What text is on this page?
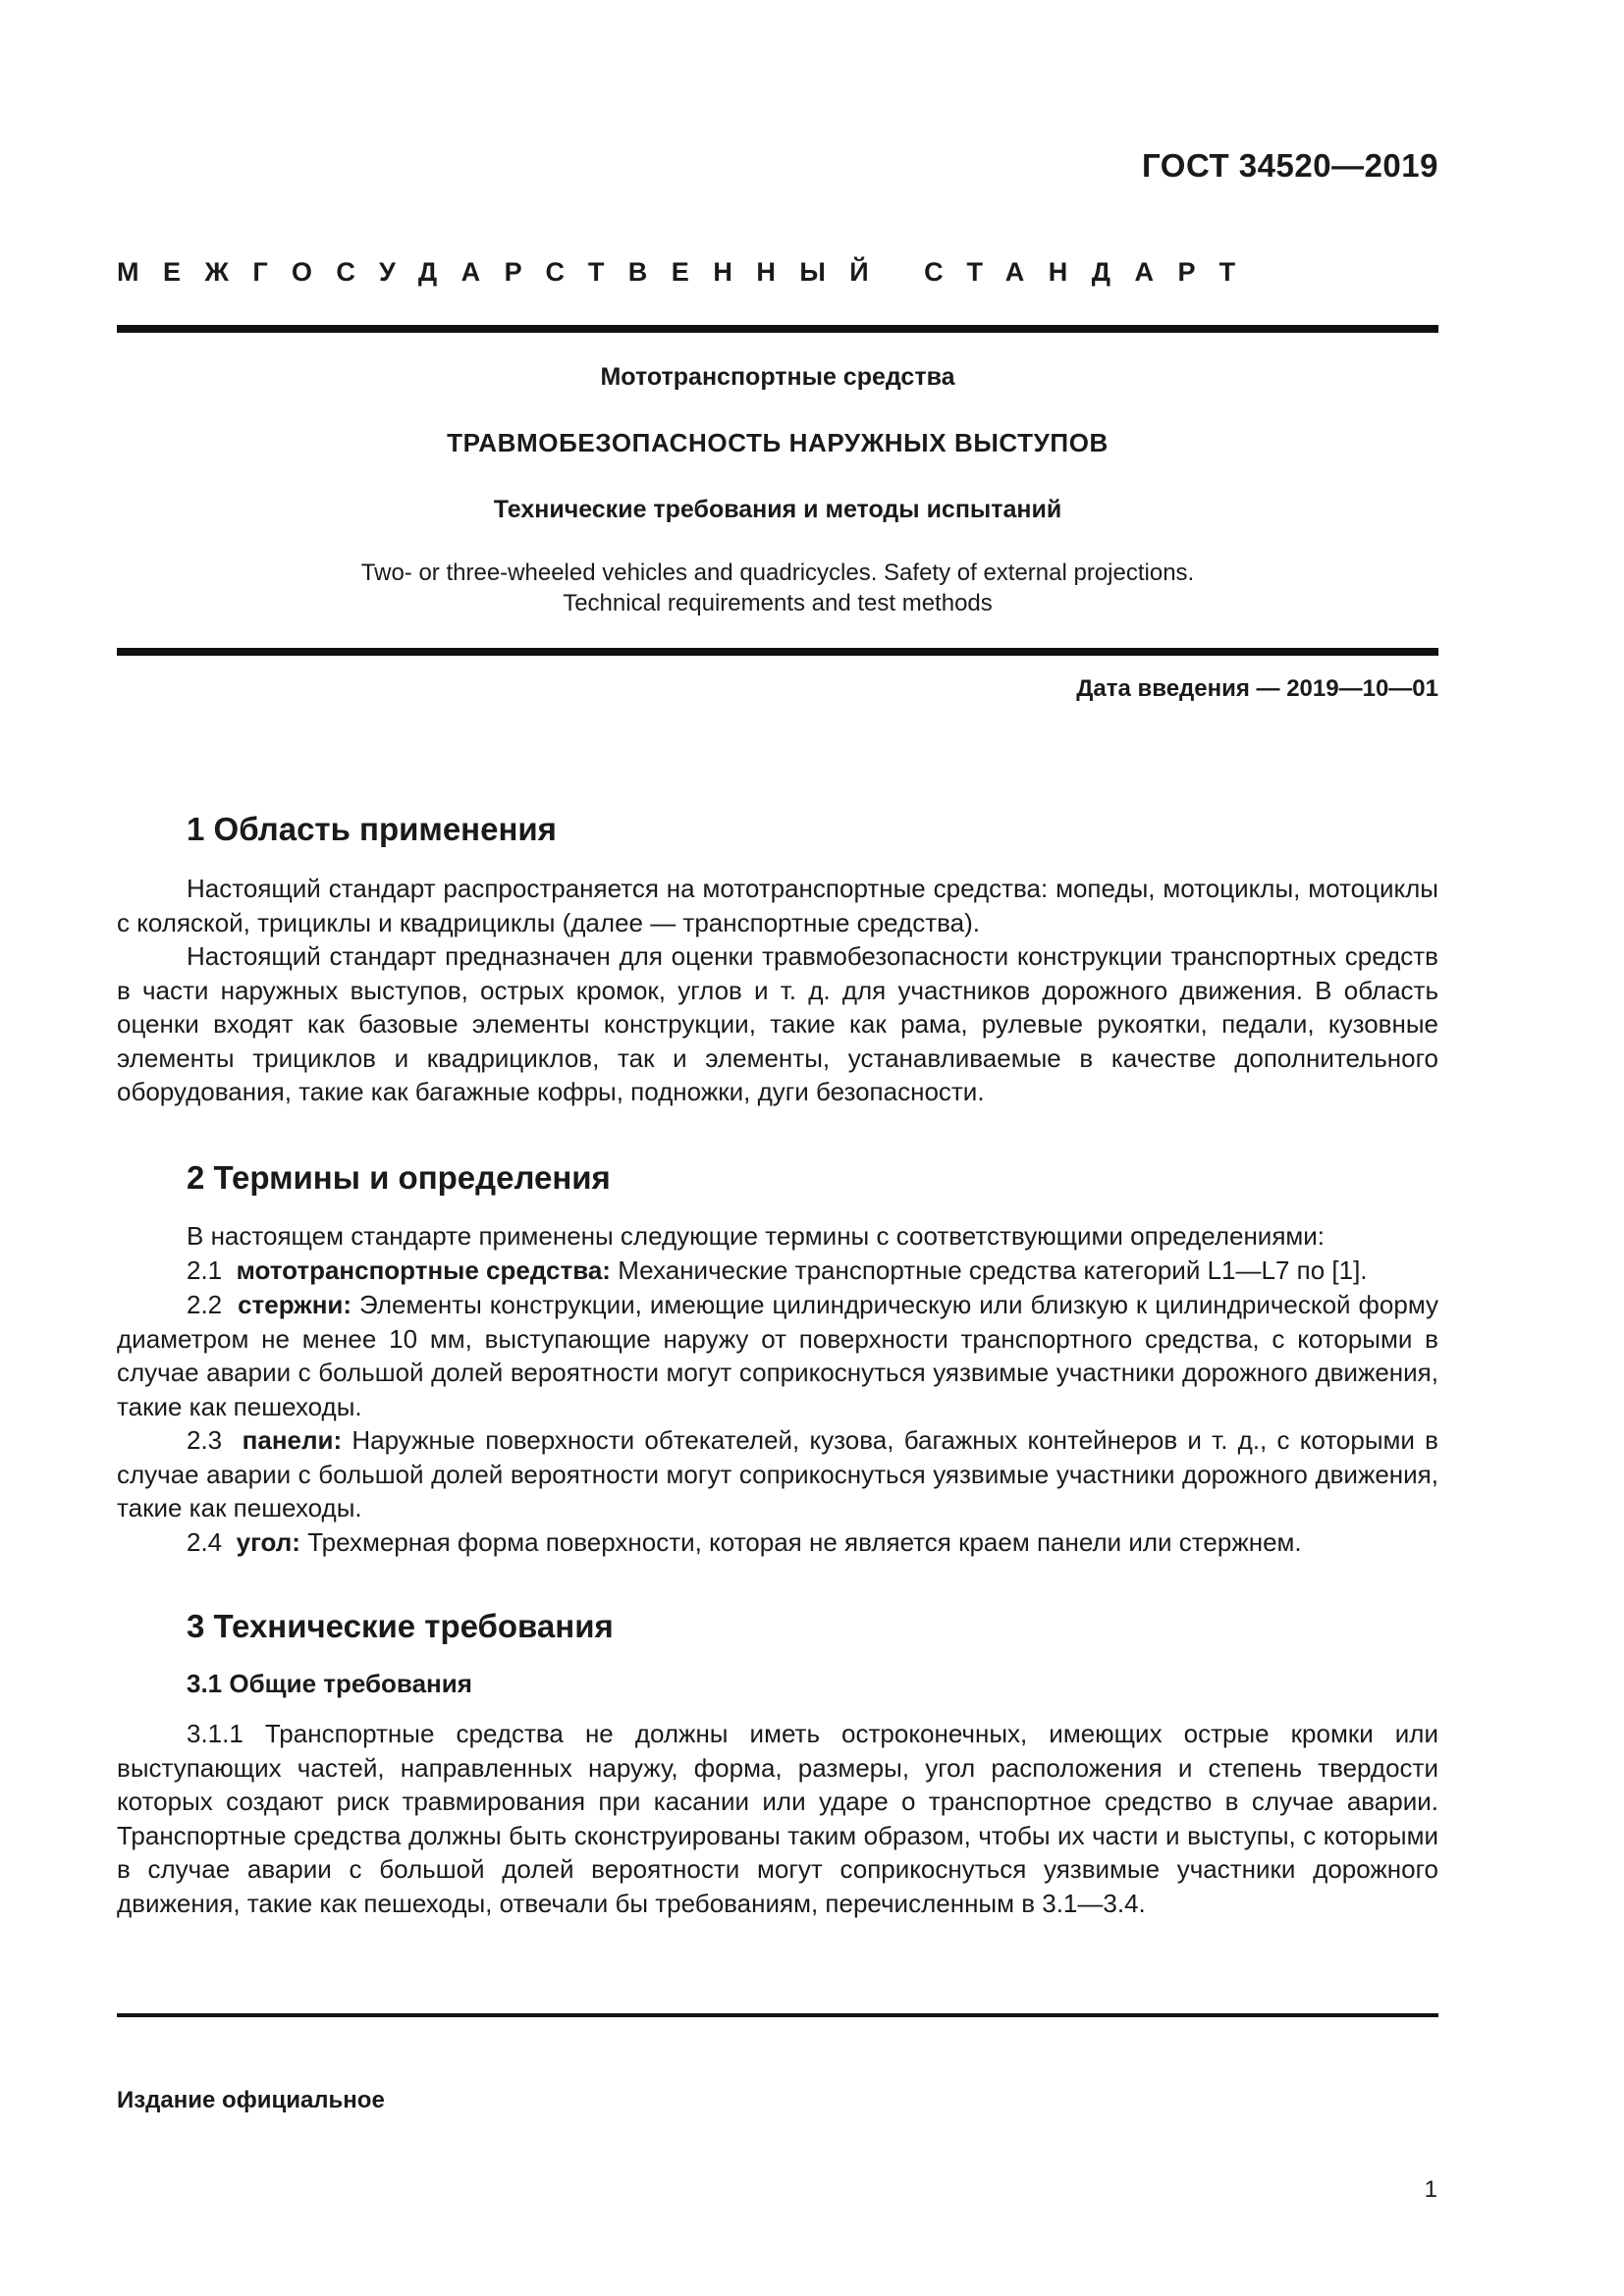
ГОСТ 34520—2019
МЕЖГОСУДАРСТВЕННЫЙ СТАНДАРТ
Мототранспортные средства
ТРАВМОБЕЗОПАСНОСТЬ НАРУЖНЫХ ВЫСТУПОВ
Технические требования и методы испытаний
Two- or three-wheeled vehicles and quadricycles. Safety of external projections.
Technical requirements and test methods
Дата введения — 2019—10—01
1 Область применения

Настоящий стандарт распространяется на мототранспортные средства: мопеды, мотоциклы, мотоциклы с коляской, трициклы и квадрициклы (далее — транспортные средства).

Настоящий стандарт предназначен для оценки травмобезопасности конструкции транспортных средств в части наружных выступов, острых кромок, углов и т. д. для участников дорожного движения. В область оценки входят как базовые элементы конструкции, такие как рама, рулевые рукоятки, педали, кузовные элементы трициклов и квадрициклов, так и элементы, устанавливаемые в качестве дополнительного оборудования, такие как багажные кофры, подножки, дуги безопасности.

2 Термины и определения

В настоящем стандарте применены следующие термины с соответствующими определениями:

2.1 мототранспортные средства: Механические транспортные средства категорий L1—L7 по [1].

2.2 стержни: Элементы конструкции, имеющие цилиндрическую или близкую к цилиндрической форму диаметром не менее 10 мм, выступающие наружу от поверхности транспортного средства, с которыми в случае аварии с большой долей вероятности могут соприкоснуться уязвимые участники дорожного движения, такие как пешеходы.

2.3 панели: Наружные поверхности обтекателей, кузова, багажных контейнеров и т. д., с которыми в случае аварии с большой долей вероятности могут соприкоснуться уязвимые участники дорожного движения, такие как пешеходы.

2.4 угол: Трехмерная форма поверхности, которая не является краем панели или стержнем.

3 Технические требования
3.1 Общие требования

3.1.1 Транспортные средства не должны иметь остроконечных, имеющих острые кромки или выступающих частей, направленных наружу, форма, размеры, угол расположения и степень твердости которых создают риск травмирования при касании или ударе о транспортное средство в случае аварии. Транспортные средства должны быть сконструированы таким образом, чтобы их части и выступы, с которыми в случае аварии с большой долей вероятности могут соприкоснуться уязвимые участники дорожного движения, такие как пешеходы, отвечали бы требованиям, перечисленным в 3.1—3.4.

Издание официальное
1
